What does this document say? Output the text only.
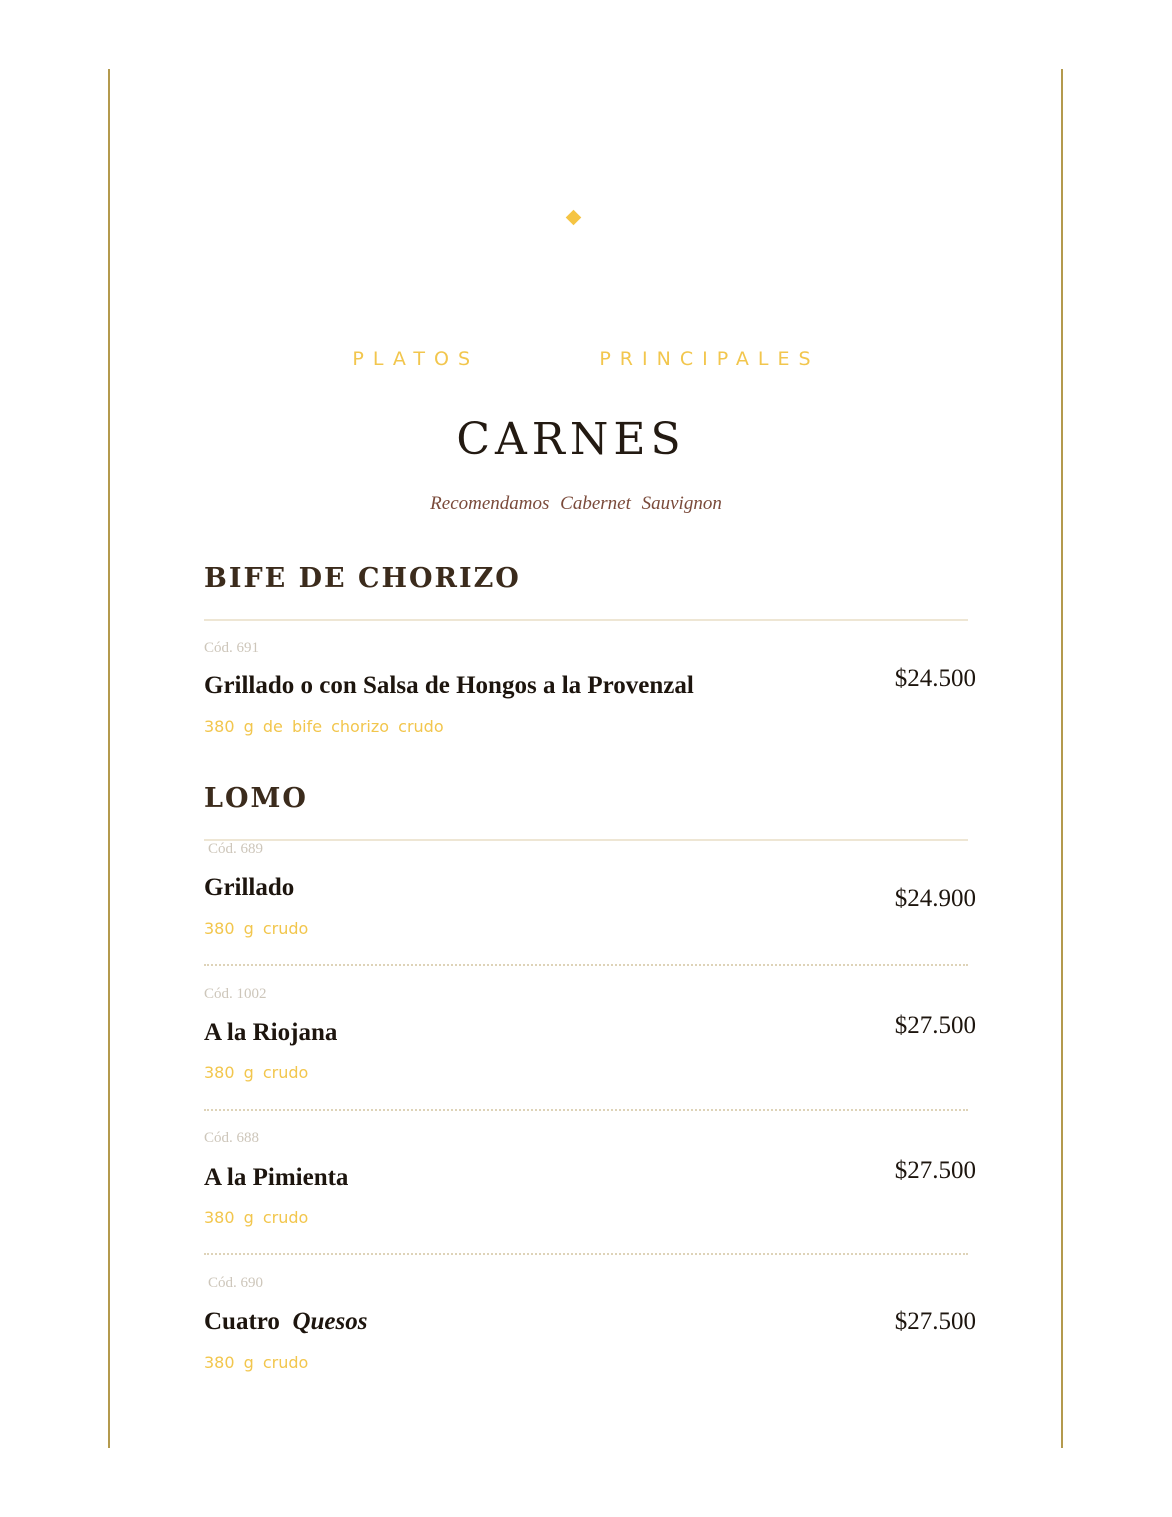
PLATOS        PRINCIPALES
CARNES
Recomendamos Cabernet Sauvignon
BIFE DE CHORIZO
Cód. 691
Grillado o con Salsa de Hongos a la Provenzal
380 g de bife chorizo crudo
$24.500
LOMO
Cód. 689
Grillado
380 g crudo
$24.900
Cód. 1002
A la Riojana
380 g crudo
$27.500
Cód. 688
A la Pimienta
380 g crudo
$27.500
Cód. 690
Cuatro Quesos
380 g crudo
$27.500
